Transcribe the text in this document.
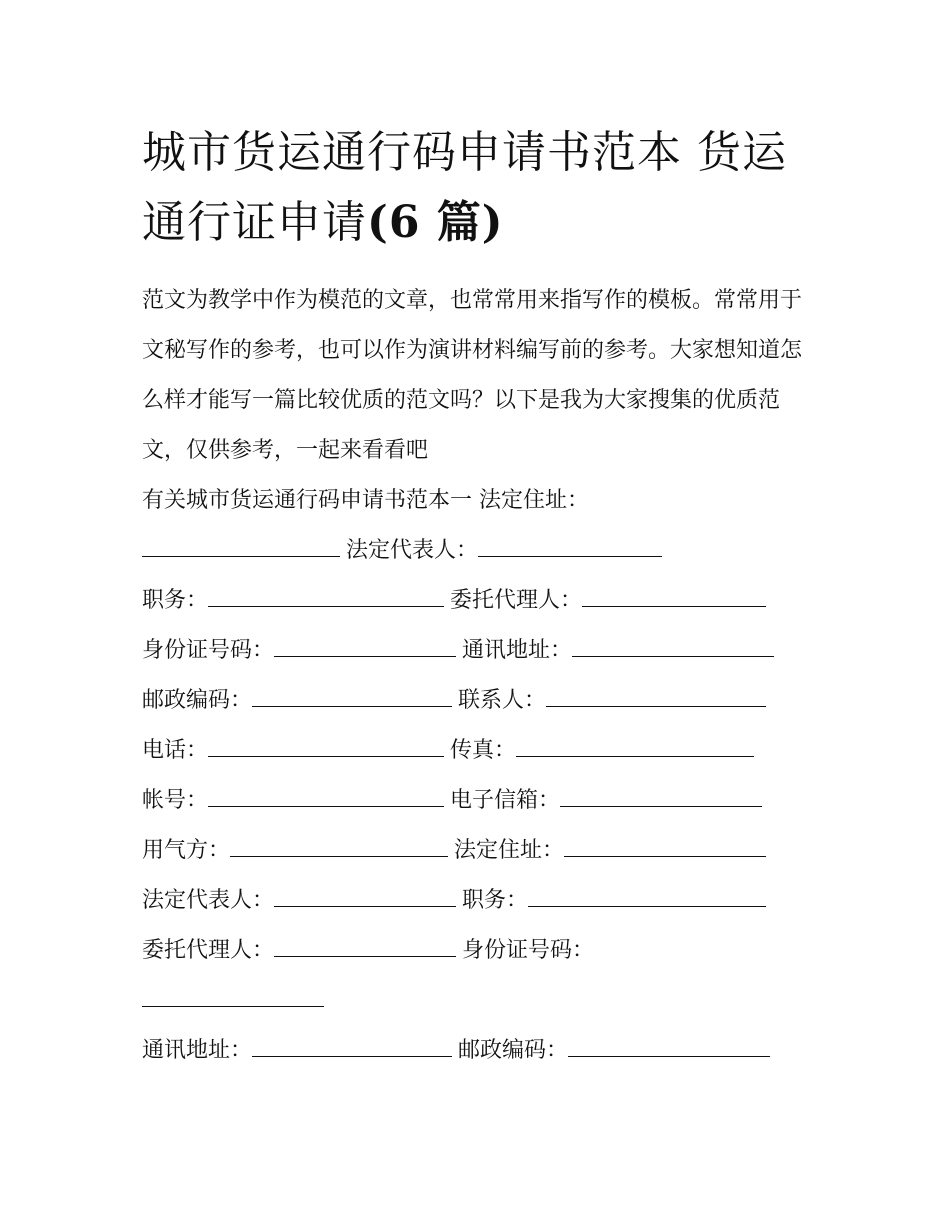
城市货运通行码申请书范本 货运通行证申请(6 篇)

范文为教学中作为模范的文章，也常常用来指写作的模板。常常用于文秘写作的参考，也可以作为演讲材料编写前的参考。大家想知道怎么样才能写一篇比较优质的范文吗？以下是我为大家搜集的优质范文，仅供参考，一起来看看吧

有关城市货运通行码申请书范本一 法定住址：
法定代表人：
职务：	委托代理人：
身份证号码：	通讯地址：
邮政编码：	联系人：
电话：	传真：
帐号：	电子信箱：
用气方：	法定住址：
法定代表人：	职务：
委托代理人：	身份证号码：
通讯地址：	邮政编码：
